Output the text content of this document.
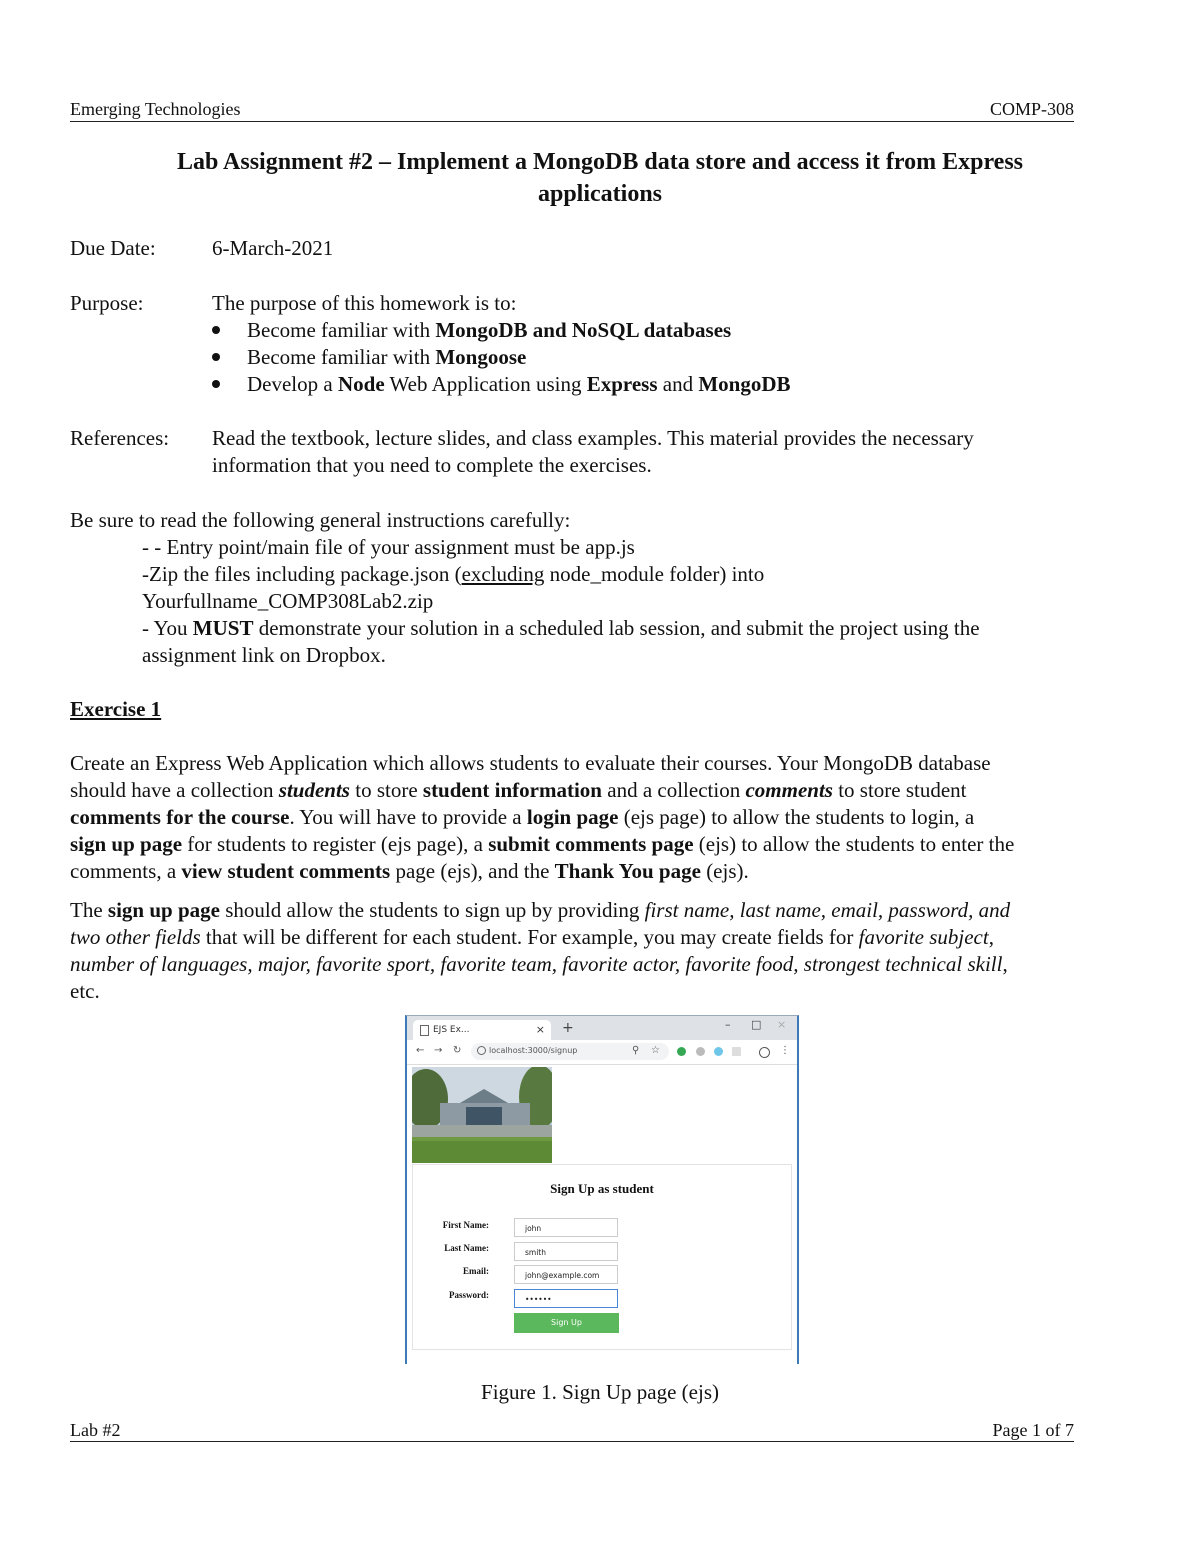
Emerging Technologies	COMP-308
Lab Assignment #2 – Implement a MongoDB data store and access it from Express
applications
Due Date:	6-March-2021
Purpose:	The purpose of this homework is to:
Become familiar with MongoDB and NoSQL databases
Become familiar with Mongoose
Develop a Node Web Application using Express and MongoDB
References: Read the textbook, lecture slides, and class examples. This material provides the necessary
information that you need to complete the exercises.
Be sure to read the following general instructions carefully:
- - Entry point/main file of your assignment must be app.js
-Zip the files including package.json (excluding node_module folder) into
Yourfullname_COMP308Lab2.zip
- You MUST demonstrate your solution in a scheduled lab session, and submit the project using the
assignment link on Dropbox.
Exercise 1
Create an Express Web Application which allows students to evaluate their courses. Your MongoDB database
should have a collection students to store student information and a collection comments to store student
comments for the course. You will have to provide a login page (ejs page) to allow the students to login, a
sign up page for students to register (ejs page), a submit comments page (ejs) to allow the students to enter the
comments, a view student comments page (ejs), and the Thank You page (ejs).
The sign up page should allow the students to sign up by providing first name, last name, email, password, and
two other fields that will be different for each student. For example, you may create fields for favorite subject,
number of languages, major, favorite sport, favorite team, favorite actor, favorite food, strongest technical skill,
etc.
EJS Ex...	× +	– □ ×
← → ↻	localhost:3000/signup	⚲ ☆	⋮
Sign Up as student
First Name:	john
Last Name:	smith
Email:	john@example.com
Password:	••••••
Sign Up
Figure 1. Sign Up page (ejs)
Lab #2	Page 1 of 7
